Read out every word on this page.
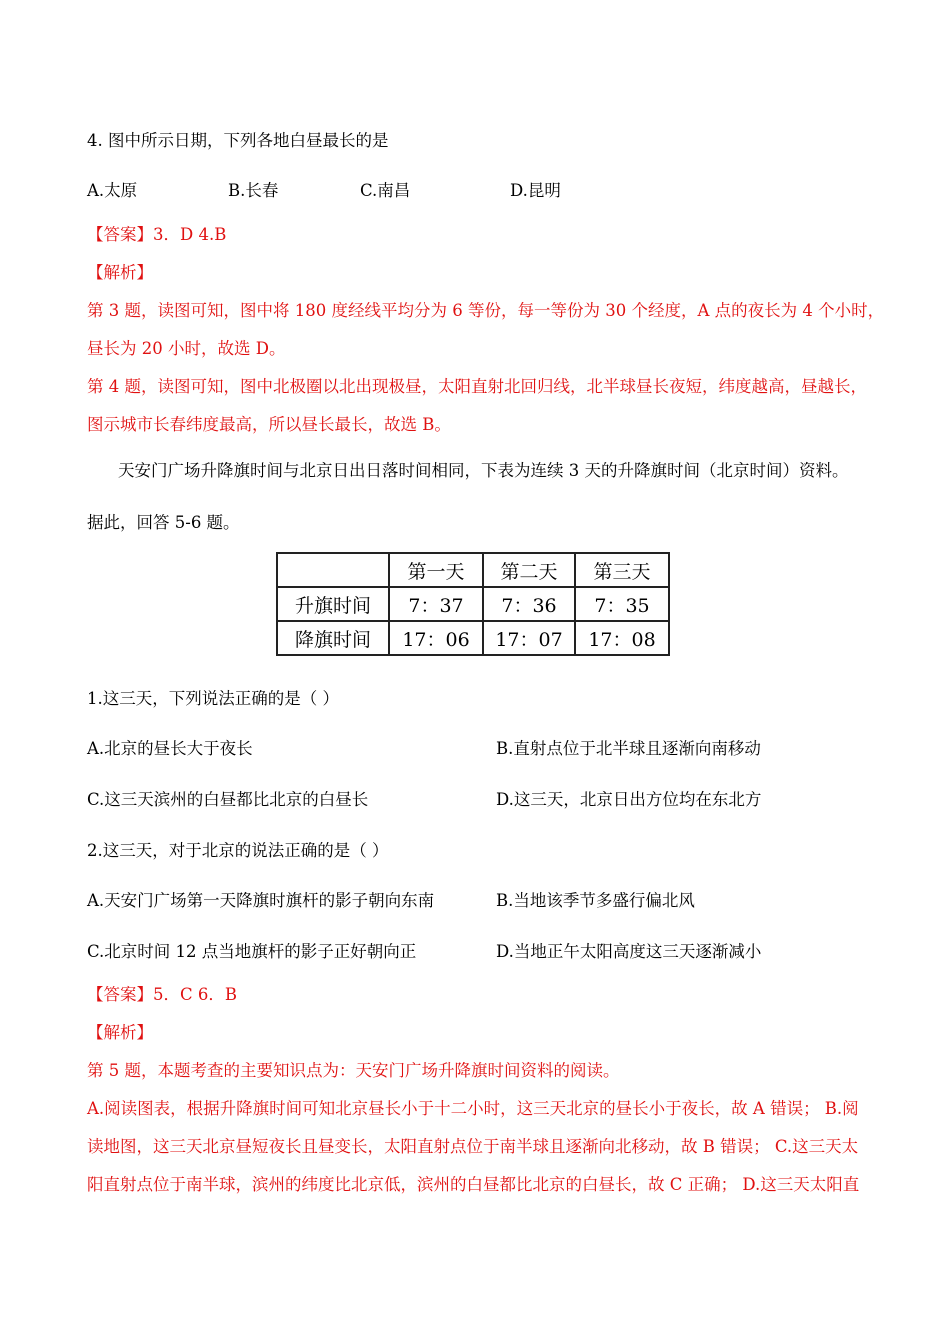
4. 图中所示日期，下列各地白昼最长的是
A.太原	B.长春	C.南昌	D.昆明
【答案】3．D 4.B
【解析】
第 3 题，读图可知，图中将 180 度经线平均分为 6 等份，每一等份为 30 个经度，A 点的夜长为 4 个小时，
昼长为 20 小时，故选 D。
第 4 题，读图可知，图中北极圈以北出现极昼，太阳直射北回归线，北半球昼长夜短，纬度越高，昼越长，
图示城市长春纬度最高，所以昼长最长，故选 B。
天安门广场升降旗时间与北京日出日落时间相同，下表为连续 3 天的升降旗时间（北京时间）资料。
据此，回答 5-6 题。
	第一天	第二天	第三天
升旗时间	7：37	7：36	7：35
降旗时间	17：06	17：07	17：08
1.这三天，下列说法正确的是（ ）
A.北京的昼长大于夜长	B.直射点位于北半球且逐渐向南移动
C.这三天滨州的白昼都比北京的白昼长	D.这三天，北京日出方位均在东北方
2.这三天，对于北京的说法正确的是（ ）
A.天安门广场第一天降旗时旗杆的影子朝向东南	B.当地该季节多盛行偏北风
C.北京时间 12 点当地旗杆的影子正好朝向正	D.当地正午太阳高度这三天逐渐减小
【答案】5．C 6．B
【解析】
第 5 题，本题考查的主要知识点为：天安门广场升降旗时间资料的阅读。
A.阅读图表，根据升降旗时间可知北京昼长小于十二小时，这三天北京的昼长小于夜长，故 A 错误； B.阅
读地图，这三天北京昼短夜长且昼变长，太阳直射点位于南半球且逐渐向北移动，故 B 错误； C.这三天太
阳直射点位于南半球，滨州的纬度比北京低，滨州的白昼都比北京的白昼长，故 C 正确； D.这三天太阳直
